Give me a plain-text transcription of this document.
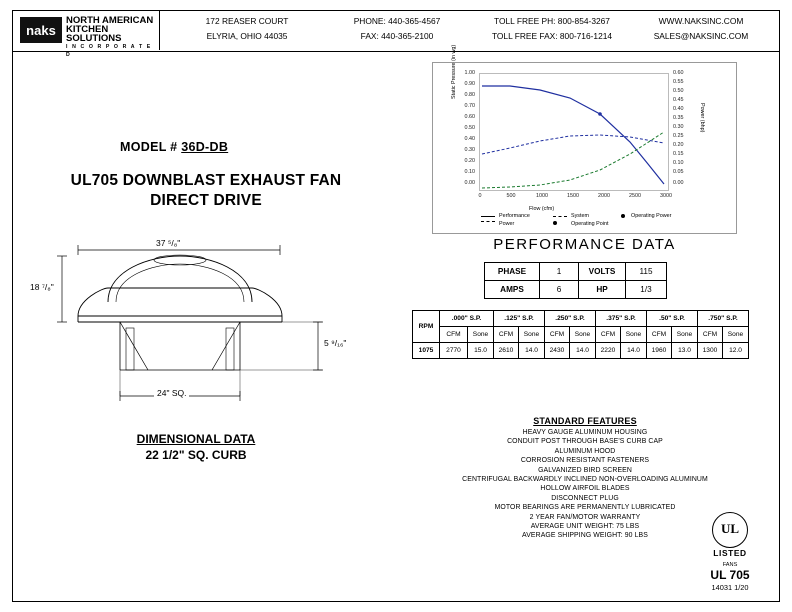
naks
NORTH AMERICAN
KITCHEN SOLUTIONS
I N C O R P O R A T E D
172 REASER COURT
ELYRIA, OHIO 44035
PHONE: 440-365-4567
FAX: 440-365-2100
TOLL FREE PH: 800-854-3267
TOLL FREE FAX: 800-716-1214
WWW.NAKSINC.COM
SALES@NAKSINC.COM
MODEL # 36D-DB
UL705 DOWNBLAST EXHAUST FAN
DIRECT DRIVE
37 ⁵/₈"
18 ⁷/₈"
5 ⁹/₁₆"
24" SQ.
DIMENSIONAL DATA
22 1/2" SQ. CURB
Static Pressure (in wg)
Power (bhp)
Flow (cfm)
1.00
0.90
0.80
0.70
0.60
0.50
0.40
0.30
0.20
0.10
0.00
0.60
0.55
0.50
0.45
0.40
0.35
0.30
0.25
0.20
0.15
0.10
0.05
0.00
0	500	1000	1500	2000	2500	3000
Performance	System	Operating Power
Power	Operating Point
PERFORMANCE DATA
PHASE	1	VOLTS	115
AMPS	6	HP	1/3
RPM	.000" S.P.		.125" S.P.		.250" S.P.		.375" S.P.		.50" S.P.		.750" S.P.	
	CFM	Sone	CFM	Sone	CFM	Sone	CFM	Sone	CFM	Sone	CFM	Sone
1075	2770	15.0	2610	14.0	2430	14.0	2220	14.0	1960	13.0	1300	12.0
STANDARD FEATURES
HEAVY GAUGE ALUMINUM HOUSING
CONDUIT POST THROUGH BASE'S CURB CAP
ALUMINUM HOOD
CORROSION RESISTANT FASTENERS
GALVANIZED BIRD SCREEN
CENTRIFUGAL BACKWARDLY INCLINED NON-OVERLOADING ALUMINUM
HOLLOW AIRFOIL BLADES
DISCONNECT PLUG
MOTOR BEARINGS ARE PERMANENTLY LUBRICATED
2 YEAR FAN/MOTOR WARRANTY
AVERAGE UNIT WEIGHT: 75 LBS
AVERAGE SHIPPING WEIGHT: 90 LBS	UL
LISTED
FANS
UL 705
14031 1/20
